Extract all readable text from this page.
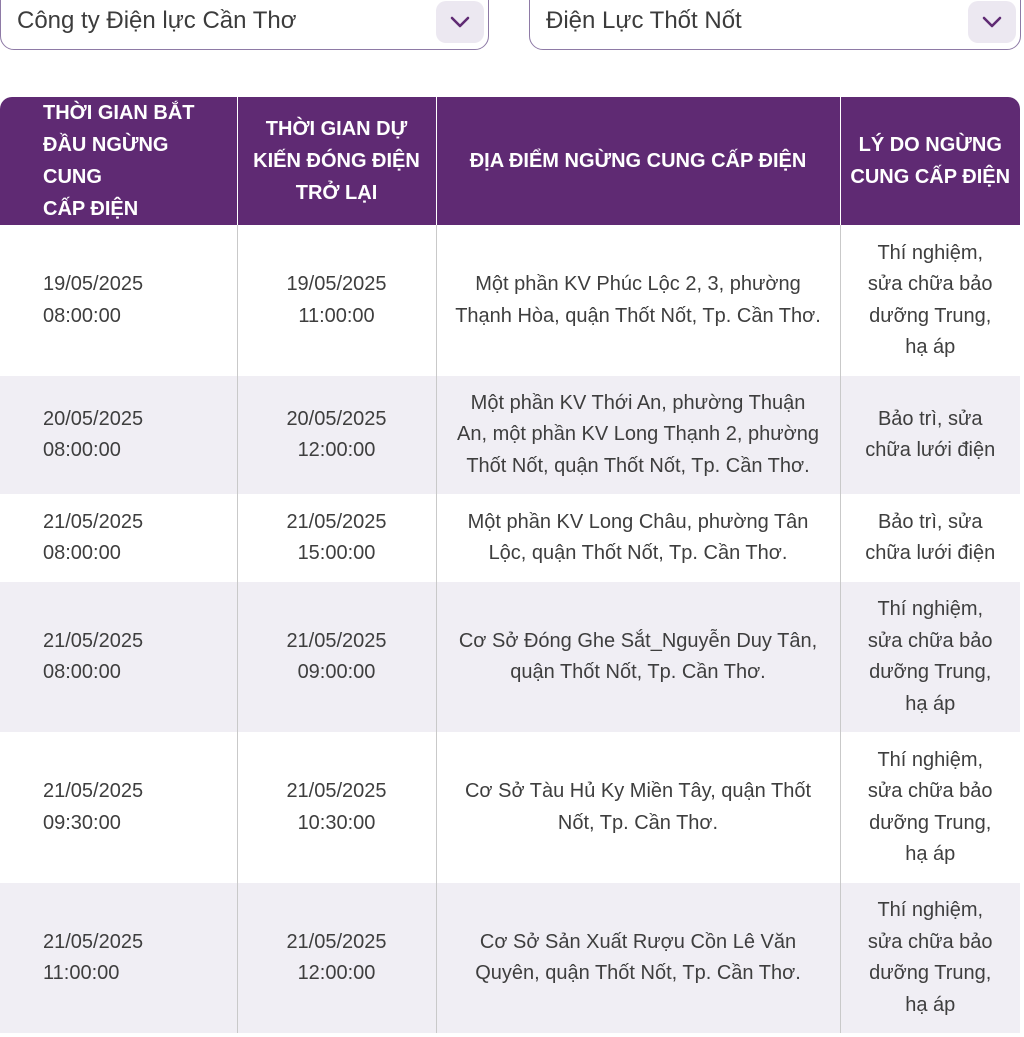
Công ty Điện lực Cần Thơ	Điện Lực Thốt Nốt
THỜI GIAN BẮT
ĐẦU NGỪNG CUNG
CẤP ĐIỆN	THỜI GIAN DỰ
KIẾN ĐÓNG ĐIỆN
TRỞ LẠI	ĐỊA ĐIỂM NGỪNG CUNG CẤP ĐIỆN	LÝ DO NGỪNG
CUNG CẤP ĐIỆN

19/05/2025
08:00:00	19/05/2025
11:00:00	Một phần KV Phúc Lộc 2, 3, phường
Thạnh Hòa, quận Thốt Nốt, Tp. Cần Thơ.	Thí nghiệm,
sửa chữa bảo
dưỡng Trung,
hạ áp

20/05/2025
08:00:00	20/05/2025
12:00:00	Một phần KV Thới An, phường Thuận
An, một phần KV Long Thạnh 2, phường
Thốt Nốt, quận Thốt Nốt, Tp. Cần Thơ.	Bảo trì, sửa
chữa lưới điện

21/05/2025
08:00:00	21/05/2025
15:00:00	Một phần KV Long Châu, phường Tân
Lộc, quận Thốt Nốt, Tp. Cần Thơ.	Bảo trì, sửa
chữa lưới điện

21/05/2025
08:00:00	21/05/2025
09:00:00	Cơ Sở Đóng Ghe Sắt_Nguyễn Duy Tân,
quận Thốt Nốt, Tp. Cần Thơ.	Thí nghiệm,
sửa chữa bảo
dưỡng Trung,
hạ áp

21/05/2025
09:30:00	21/05/2025
10:30:00	Cơ Sở Tàu Hủ Ky Miền Tây, quận Thốt
Nốt, Tp. Cần Thơ.	Thí nghiệm,
sửa chữa bảo
dưỡng Trung,
hạ áp

21/05/2025
11:00:00	21/05/2025
12:00:00	Cơ Sở Sản Xuất Rượu Cồn Lê Văn
Quyên, quận Thốt Nốt, Tp. Cần Thơ.	Thí nghiệm,
sửa chữa bảo
dưỡng Trung,
hạ áp
